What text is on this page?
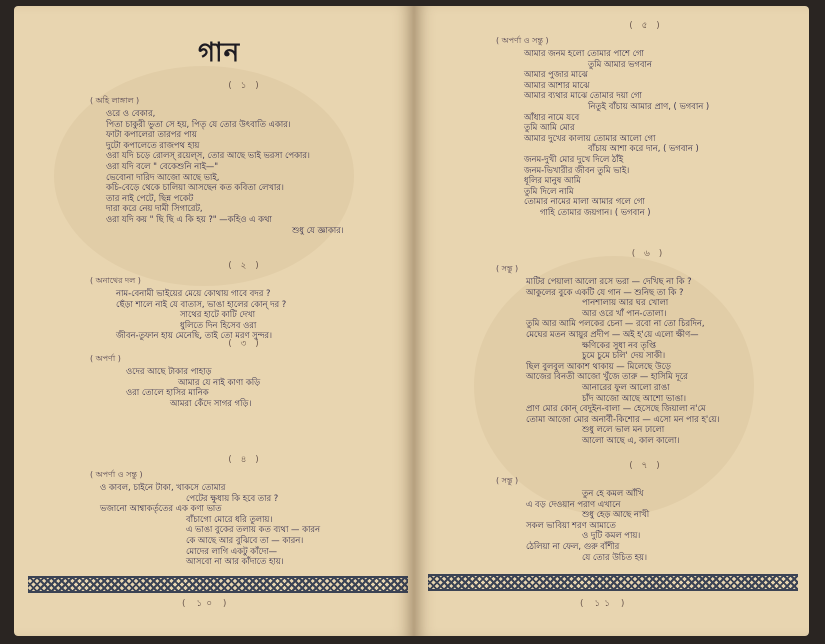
গান
( ১ )
( অহি লাঙ্গাল )
ওরে ও বেকার,
পিতা চাকুরী ভুতা সে হয়, পিতৃ যে তোর উৎবাতি একার।
ফাটা কপালেরা তারপর পায়
দুটো কপালেতে রাজপথ হায়
ওরা যদি চড়ে রোলস্ রয়েল্স, তোর আছে ভাই ভরসা পেকার।
ওরা যদি বলে " বেকেশুনি নাই—"
ভেবোনা দারিদ আজো আছে ভাই,
কচি-বেড়ে থেকে চালিয়া আসছেন কত কবিতা লেখার।
তার নাই পেটে, ছিন্ন পকেট
দারা করে নেয় দামী সিগারেট,
ওরা যদি কয় " ছি ছি এ কি হয় ?" —কহিও এ কথা
শুধু যে জ্ঞাকার।
( ২ )
( অনাথের দল )
নাম-বেনামী ভাইয়ের মেয়ে কোথায় গাবে বদর ?
ছেঁড়া শালে নাই যে বাতাস, ভাঙা হালের কোন্ দর ?
সাথের হাটে কাটি দেখা
ধুলিতে দিন হিসেব ওরা
জীবন-তুফান হায় মেনেছি, তাই তো মরণ সুন্দর।
( ৩ )
( অপর্ণা )
ওদের আছে টাকার পাহাড়
আমার যে নাই কাণা কড়ি
ওরা তোলে হাসির মানিক
আমরা কেঁদে সাগর গড়ি।
( ৪ )
( অপর্ণা ও সন্তু )
ও কাবল, চাইনে টাকা, খাকসে তোমার
পেটের ক্ষুধায় কি হবে তার ?
ভজানো আশ্বাকর্তৃতের এক কণা ভাত
বাঁচাগো মোরে ধরি তুলায়।
এ ভাঙা বুকের তলায় কত ব্যথা — কারন
কে আছে আর বুঝিবে তা — কারন।
মোদের লাগি একটু কাঁদো—
আসবো না আর কাঁদাতে হায়।
( ১০ )
( ৫ )
( অপর্ণা ও সন্তু )
আমার জনম হলো তোমার পাশে গো
তুমি আমার ভগবান
আমার পুজার মাঝে
আমার আশার মাঝে
আমার ব্যথার মাঝে তোমার দয়া গো
নিতুই বাঁচায় আমার প্রাণ, ( ভগবান )
আঁধার নামে যবে
তুমি আমি মোর
আমার দুখের কালায় তোমার আলো গো
বাঁচায় আশা করে দান, ( ভগবান )
জনম-দুখী মোর দুখে দিলে ঠাঁই
জনম-ভিখারীর জীবন তুমি ভাই।
ধূলির মানুষ আমি
তুমি দিলে নামি
তোমার নামের মালা আমার গলে গো
গাহি তোমার জয়গান। ( ভগবান )
( ৬ )
( সন্তু )
মাটির পেয়ালা আলো রসে ভরা — দেখিছ না কি ?
আকুলের বুকে একটি যে গান — শুনিছ তা কি ?
পানশালায় আর ঘর খোলা
আর ওরে খাঁ পান-তোলা।
তুমি আর আমি পলকের চেনা — রবো না তো চিরদিন,
মেঘের মতন আয়ুর প্রদীপ — অই হ'য়ে এলো ক্ষীণ—
ক্ষণিকের সুধা নব তৃপ্তি
চুমে চুমে চলি' দেয় সাকী।
ছিল বুলবুল আকাশ থাকায় — মিলেছে উড়ে
আজের বিনতী আজো খুঁজে তারু — হাসিমি দূরে
আনারের ফুল আলো রাঙা
চাঁদ আজো আছে আশো ভাঙা।
প্রাণ মোর কোন্ বেদুইন-বালা — হেসেছে জিয়ালা ন'মে
তোমা আজো মোর অনার্বী-কিশোর — এসো মন পার হ'য়ে।
শুধু ললে ভাল মন ঢালো
আলো আছে এ, কাল কালো।
( ৭ )
( সন্তু )
তুন হে কমল আঁখি
এ বড় দেওয়ান পরাণ এখানে
শুধু হেড় আছে নাখী
সকল ভাবিয়া শরণ আমাতে
ও দুটি কমল পায়।
ঠেলিয়া না ফেল, গুরু বাঁশীর
যে তোর উচিত হয়।
( ১১ )
